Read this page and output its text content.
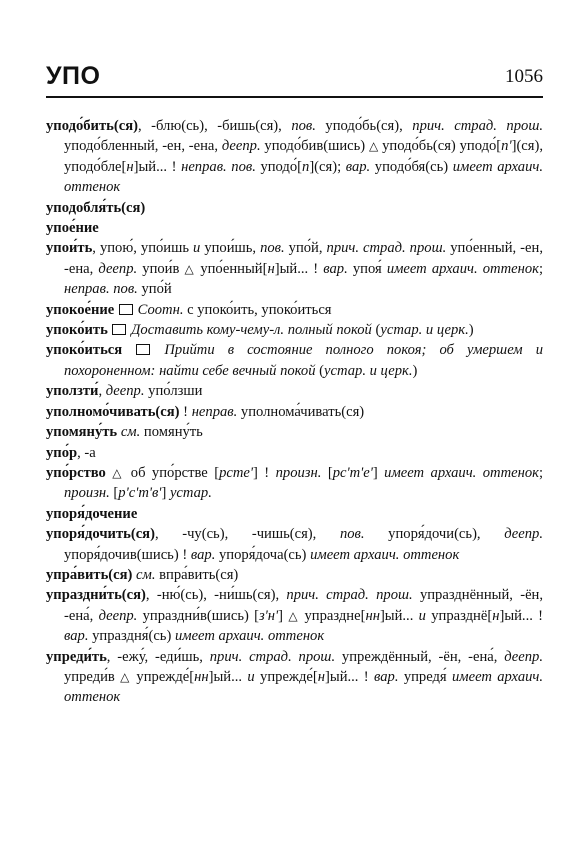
УПО	1056

уподо́бить(ся), -блю(сь), -бишь(ся), пов. уподо́бь(ся), прич. страд. прош. уподо́бленный, -ен, -ена, деепр. уподо́бив(шись) △ уподо́бь(ся) уподо́[п'](ся), уподо́бле[н]ый... ! неправ. пов. уподо́[п](ся); вар. уподо́бя(сь) имеет архаич. оттенок

уподобля́ть(ся)

упое́ние

упои́ть, упою́, упо́ишь и упои́шь, пов. упо́й, прич. страд. прош. упо́енный, -ен, -ена, деепр. упои́в △ упо́енный[н]ый... ! вар. упоя́ имеет архаич. оттенок; неправ. пов. упо́й

упокое́ние Соотн. с упоко́ить, упоко́иться

упоко́ить Доставить кому-чему-л. полный покой (устар. и церк.)

упоко́иться	Прийти в состояние полного покоя; об умершем и похороненном: найти себе вечный покой (устар. и церк.)

уползти́, деепр. упо́лзши

уполномо́чивать(ся) ! неправ. уполнома́чивать(ся)

упомяну́ть см. помяну́ть

упо́р, -а

упо́рство △ об упо́рстве [рсте'] ! произн. [рс'т'е'] имеет архаич. оттенок; произн. [р'с'т'в'] устар.

упоря́дочение

упоря́дочить(ся), -чу(сь), -чишь(ся), пов. упоря́дочи(сь), деепр. упоря́дочив(шись) ! вар. упоря́доча(сь) имеет архаич. оттенок

упра́вить(ся) см. впра́вить(ся)

упраздни́ть(ся), -ню́(сь), -ни́шь(ся), прич. страд. прош. упразднённый, -ён, -ена́, деепр. упраздни́в(шись) [з'н'] △ упраздне[нн]ый... и упразднё[н]ый... ! вар. упраздня́(сь) имеет архаич. оттенок

упреди́ть, -ежу́, -еди́шь, прич. страд. прош. упреждённый, -ён, -ена́, деепр. упреди́в △ упрежде́[нн]ый... и упрежде́[н]ый... ! вар. упредя́ имеет архаич. оттенок
